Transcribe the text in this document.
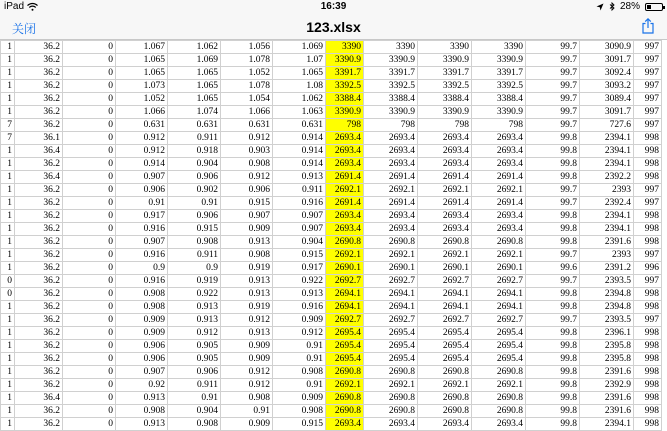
iPad	16:39	28%
关闭	123.xlsx
1	36.2	0	1.067	1.062	1.056	1.069	3390	3390	3390	3390	99.7	3090.9	997
1	36.2	0	1.065	1.069	1.078	1.07	3390.9	3390.9	3390.9	3390.9	99.7	3091.7	997
1	36.2	0	1.065	1.065	1.052	1.065	3391.7	3391.7	3391.7	3391.7	99.7	3092.4	997
1	36.2	0	1.073	1.065	1.078	1.08	3392.5	3392.5	3392.5	3392.5	99.7	3093.2	997
1	36.2	0	1.052	1.065	1.054	1.062	3388.4	3388.4	3388.4	3388.4	99.7	3089.4	997
1	36.2	0	1.066	1.074	1.066	1.063	3390.9	3390.9	3390.9	3390.9	99.7	3091.7	997
7	36.2	0	0.631	0.631	0.631	0.631	798	798	798	798	99.7	727.6	997
7	36.1	0	0.912	0.911	0.912	0.914	2693.4	2693.4	2693.4	2693.4	99.8	2394.1	998
1	36.4	0	0.912	0.918	0.903	0.914	2693.4	2693.4	2693.4	2693.4	99.8	2394.1	998
1	36.2	0	0.914	0.904	0.908	0.914	2693.4	2693.4	2693.4	2693.4	99.8	2394.1	998
1	36.4	0	0.907	0.906	0.912	0.913	2691.4	2691.4	2691.4	2691.4	99.8	2392.2	998
1	36.2	0	0.906	0.902	0.906	0.911	2692.1	2692.1	2692.1	2692.1	99.7	2393	997
1	36.2	0	0.91	0.91	0.915	0.916	2691.4	2691.4	2691.4	2691.4	99.7	2392.4	997
1	36.2	0	0.917	0.906	0.907	0.907	2693.4	2693.4	2693.4	2693.4	99.8	2394.1	998
1	36.2	0	0.916	0.915	0.909	0.907	2693.4	2693.4	2693.4	2693.4	99.8	2394.1	998
1	36.2	0	0.907	0.908	0.913	0.904	2690.8	2690.8	2690.8	2690.8	99.8	2391.6	998
1	36.2	0	0.916	0.911	0.908	0.915	2692.1	2692.1	2692.1	2692.1	99.7	2393	997
1	36.2	0	0.9	0.9	0.919	0.917	2690.1	2690.1	2690.1	2690.1	99.6	2391.2	996
0	36.2	0	0.916	0.919	0.913	0.922	2692.7	2692.7	2692.7	2692.7	99.7	2393.5	997
0	36.2	0	0.908	0.922	0.913	0.913	2694.1	2694.1	2694.1	2694.1	99.8	2394.8	998
1	36.2	0	0.908	0.913	0.919	0.916	2694.1	2694.1	2694.1	2694.1	99.8	2394.8	998
1	36.2	0	0.909	0.913	0.912	0.909	2692.7	2692.7	2692.7	2692.7	99.7	2393.5	997
1	36.2	0	0.909	0.912	0.913	0.912	2695.4	2695.4	2695.4	2695.4	99.8	2396.1	998
1	36.2	0	0.906	0.905	0.909	0.91	2695.4	2695.4	2695.4	2695.4	99.8	2395.8	998
1	36.2	0	0.906	0.905	0.909	0.91	2695.4	2695.4	2695.4	2695.4	99.8	2395.8	998
1	36.2	0	0.907	0.906	0.912	0.908	2690.8	2690.8	2690.8	2690.8	99.8	2391.6	998
1	36.2	0	0.92	0.911	0.912	0.91	2692.1	2692.1	2692.1	2692.1	99.8	2392.9	998
1	36.4	0	0.913	0.91	0.908	0.909	2690.8	2690.8	2690.8	2690.8	99.8	2391.6	998
1	36.2	0	0.908	0.904	0.91	0.908	2690.8	2690.8	2690.8	2690.8	99.8	2391.6	998
1	36.2	0	0.913	0.908	0.909	0.915	2693.4	2693.4	2693.4	2693.4	99.8	2394.1	998
